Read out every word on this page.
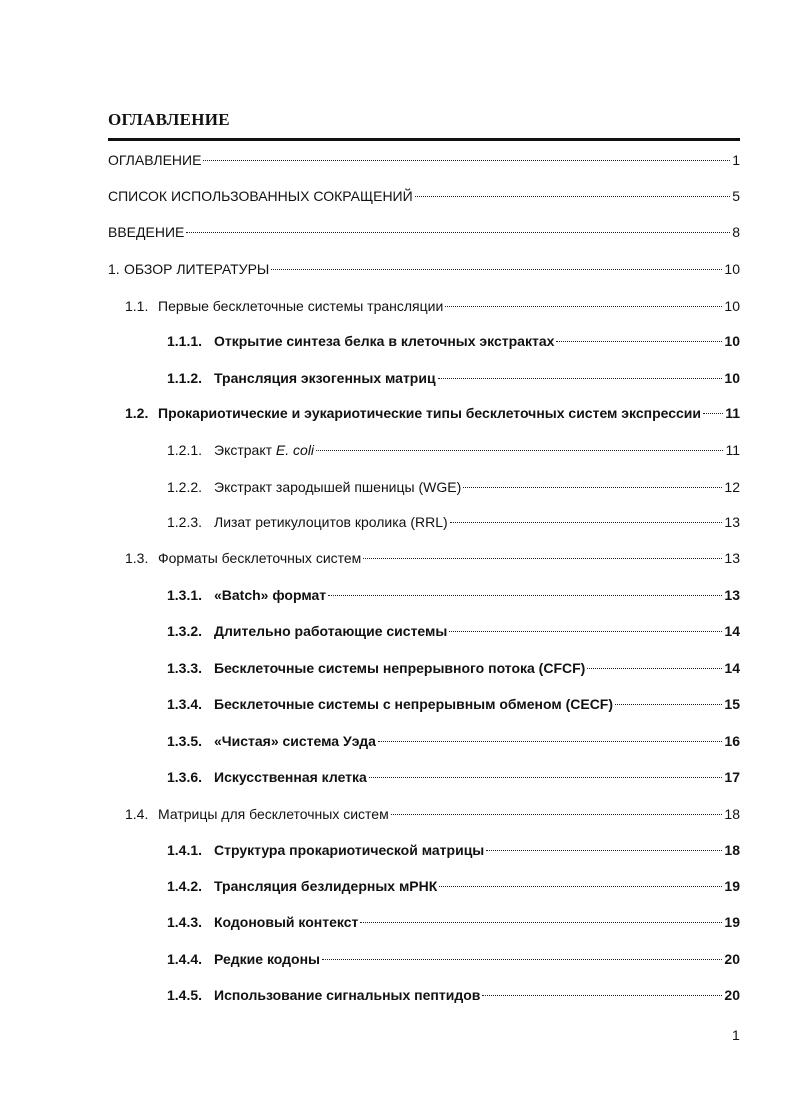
ОГЛАВЛЕНИЕ
ОГЛАВЛЕНИЕ	1
СПИСОК ИСПОЛЬЗОВАННЫХ СОКРАЩЕНИЙ	5
ВВЕДЕНИЕ	8
1. ОБЗОР ЛИТЕРАТУРЫ	10
1.1. Первые бесклеточные системы трансляции	10
1.1.1. Открытие синтеза белка в клеточных экстрактах	10
1.1.2. Трансляция экзогенных матриц	10
1.2. Прокариотические и эукариотические типы бесклеточных систем экспрессии 11
1.2.1. Экстракт E. coli	11
1.2.2. Экстракт зародышей пшеницы (WGE)	12
1.2.3. Лизат ретикулоцитов кролика (RRL)	13
1.3. Форматы бесклеточных систем	13
1.3.1. «Batch» формат	13
1.3.2. Длительно работающие системы	14
1.3.3. Бесклеточные системы непрерывного потока (CFCF)	14
1.3.4. Бесклеточные системы с непрерывным обменом (CECF)	15
1.3.5. «Чистая» система Уэда	16
1.3.6. Искусственная клетка	17
1.4. Матрицы для бесклеточных систем	18
1.4.1. Структура прокариотической матрицы	18
1.4.2. Трансляция безлидерных мРНК	19
1.4.3. Кодоновый контекст	19
1.4.4. Редкие кодоны	20
1.4.5. Использование сигнальных пептидов	20
1
